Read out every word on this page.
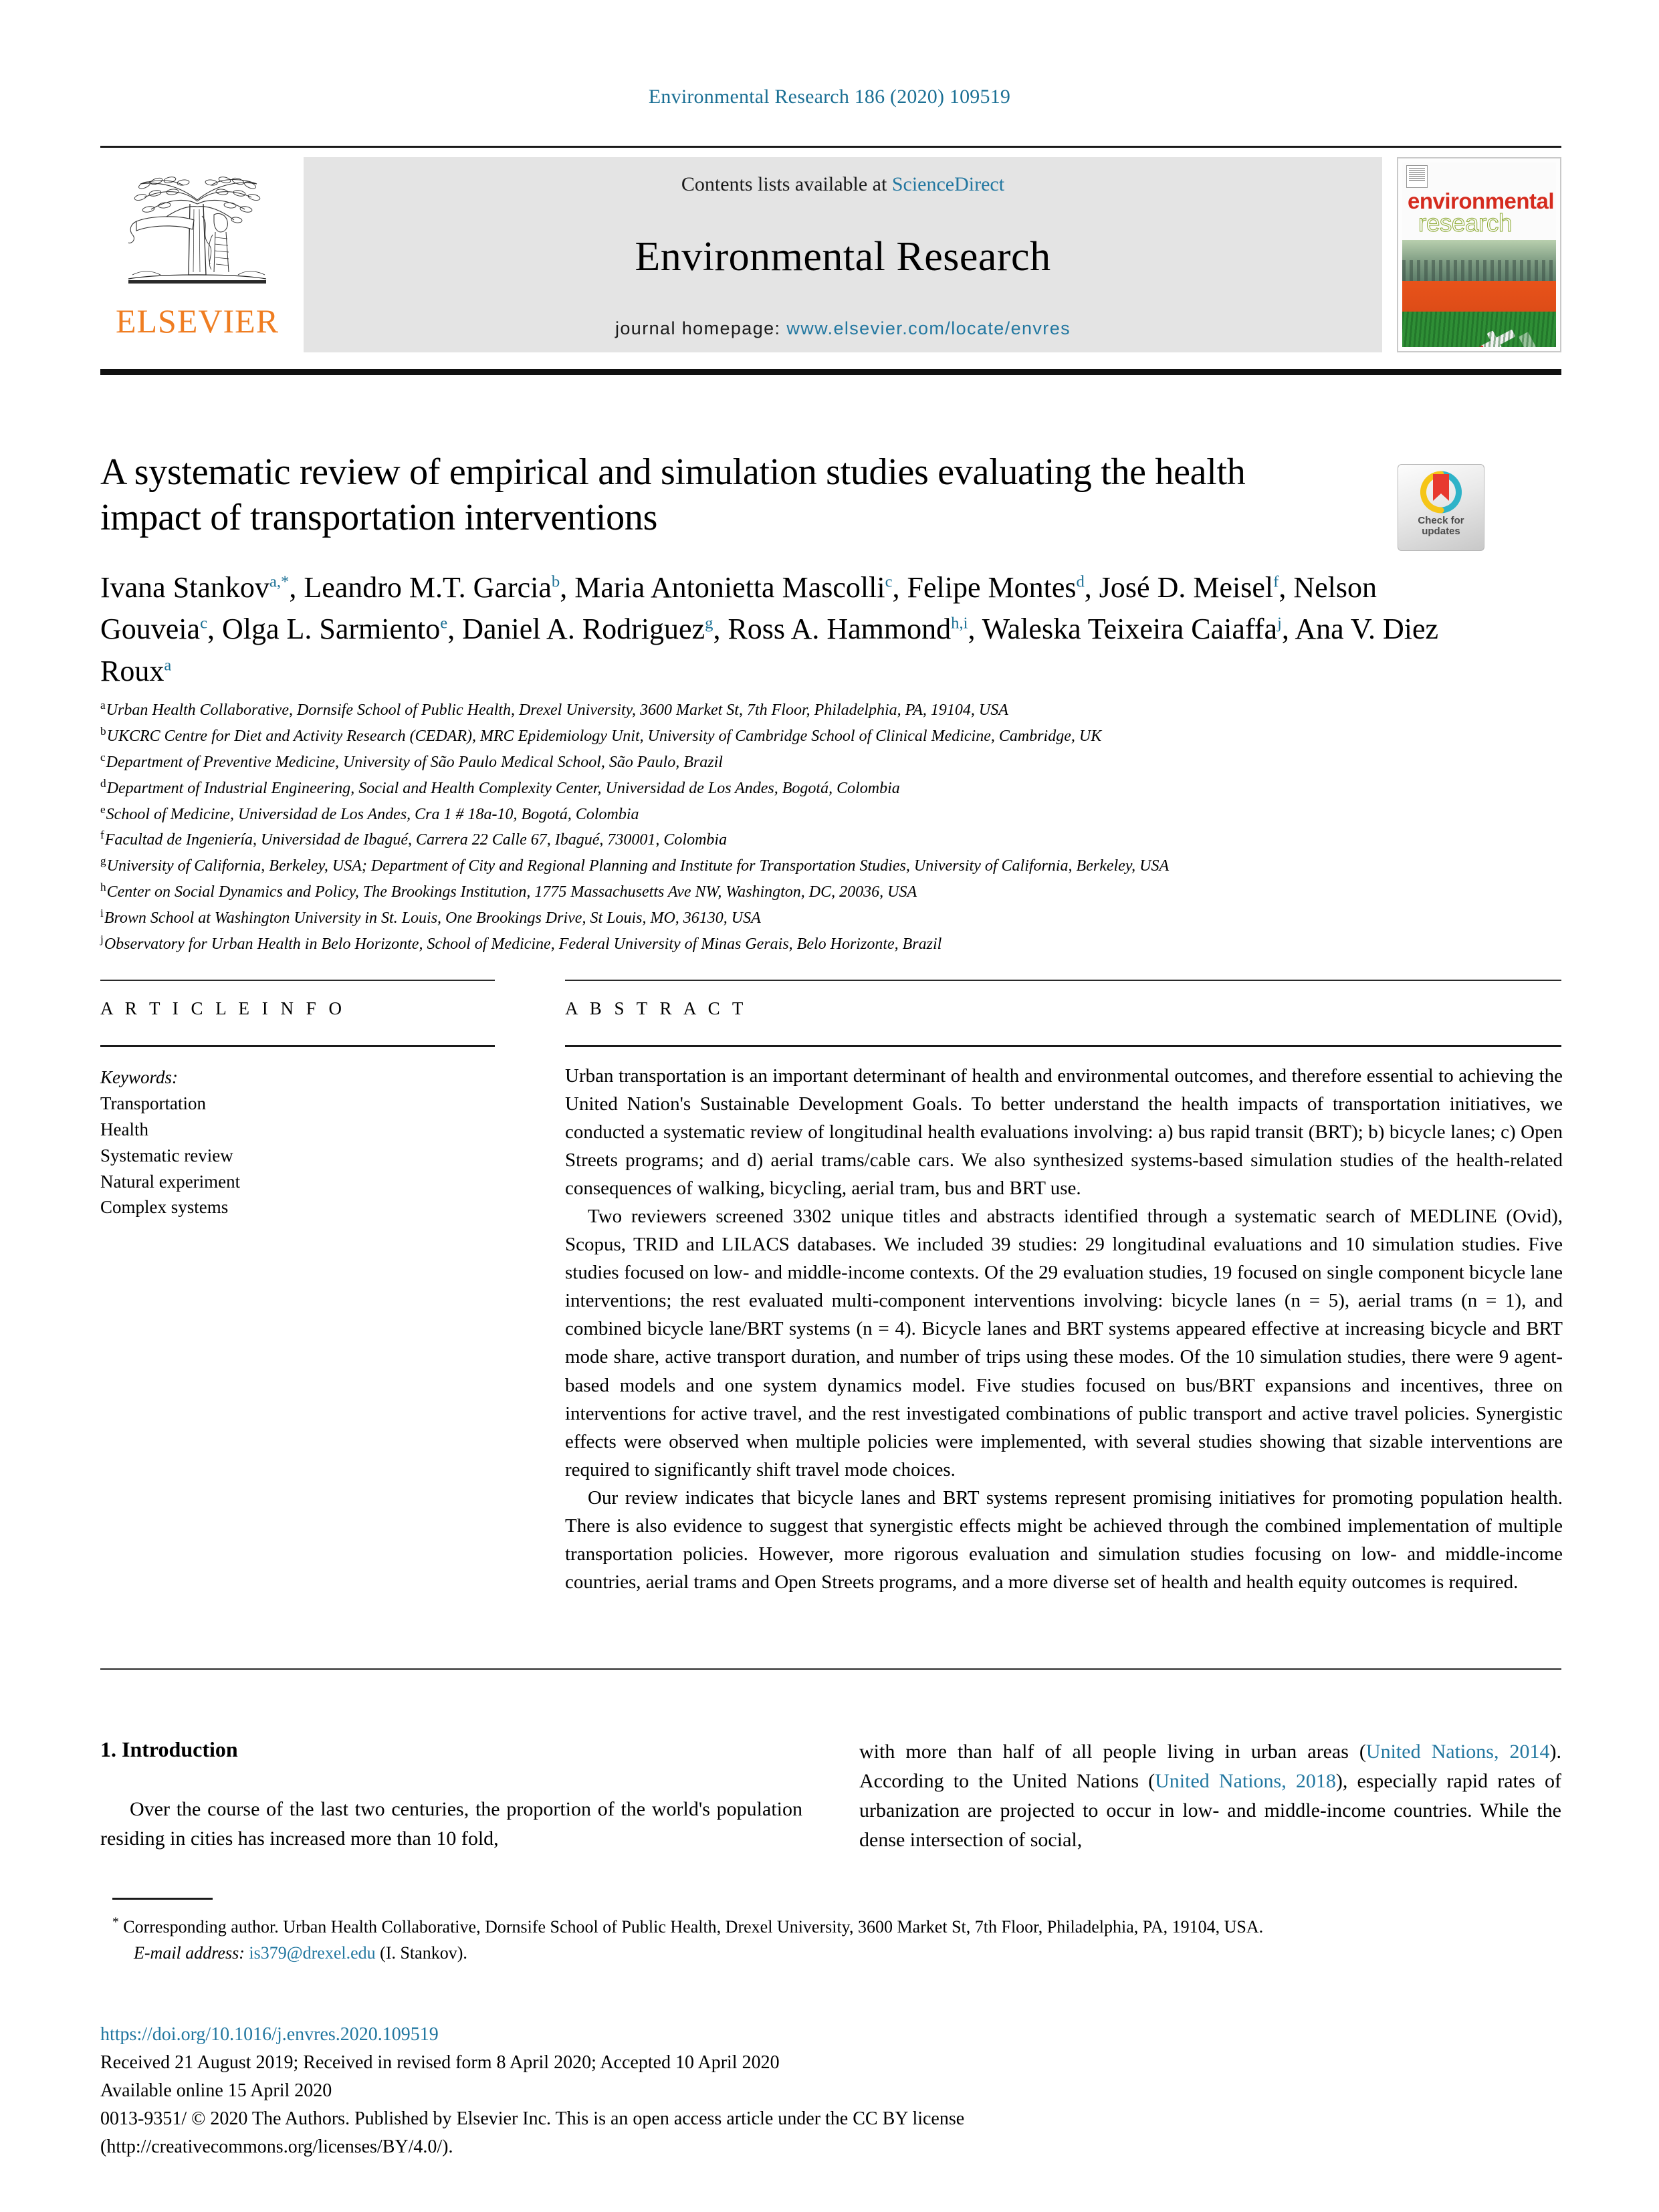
Environmental Research 186 (2020) 109519
ELSEVIER
Contents lists available at ScienceDirect
Environmental Research
journal homepage: www.elsevier.com/locate/envres
environmental
research
A systematic review of empirical and simulation studies evaluating the health impact of transportation interventions	Check for
updates
Ivana Stankov$^{a,*}$, Leandro M.T. Garcia$^b$, Maria Antonietta Mascolli$^c$, Felipe Montes$^d$, José D. Meisel$^f$, Nelson Gouveia$^c$, Olga L. Sarmiento$^e$, Daniel A. Rodriguez$^g$, Ross A. Hammond$^{h,i}$, Waleska Teixeira Caiaffa$^j$, Ana V. Diez Roux$^a$
$^a$Urban Health Collaborative, Dornsife School of Public Health, Drexel University, 3600 Market St, 7th Floor, Philadelphia, PA, 19104, USA
$^b$UKCRC Centre for Diet and Activity Research (CEDAR), MRC Epidemiology Unit, University of Cambridge School of Clinical Medicine, Cambridge, UK
$^c$Department of Preventive Medicine, University of São Paulo Medical School, São Paulo, Brazil
$^d$Department of Industrial Engineering, Social and Health Complexity Center, Universidad de Los Andes, Bogotá, Colombia
$^e$School of Medicine, Universidad de Los Andes, Cra 1 # 18a-10, Bogotá, Colombia
$^f$Facultad de Ingeniería, Universidad de Ibagué, Carrera 22 Calle 67, Ibagué, 730001, Colombia
$^g$University of California, Berkeley, USA; Department of City and Regional Planning and Institute for Transportation Studies, University of California, Berkeley, USA
$^h$Center on Social Dynamics and Policy, The Brookings Institution, 1775 Massachusetts Ave NW, Washington, DC, 20036, USA
$^i$Brown School at Washington University in St. Louis, One Brookings Drive, St Louis, MO, 36130, USA
$^j$Observatory for Urban Health in Belo Horizonte, School of Medicine, Federal University of Minas Gerais, Belo Horizonte, Brazil
A R T I C L E I N F O
Keywords:
Transportation
Health
Systematic review
Natural experiment
Complex systems
A B S T R A C T

Urban transportation is an important determinant of health and environmental outcomes, and therefore essential to achieving the United Nation's Sustainable Development Goals. To better understand the health impacts of transportation initiatives, we conducted a systematic review of longitudinal health evaluations involving: a) bus rapid transit (BRT); b) bicycle lanes; c) Open Streets programs; and d) aerial trams/cable cars. We also synthesized systems-based simulation studies of the health-related consequences of walking, bicycling, aerial tram, bus and BRT use.

Two reviewers screened 3302 unique titles and abstracts identified through a systematic search of MEDLINE (Ovid), Scopus, TRID and LILACS databases. We included 39 studies: 29 longitudinal evaluations and 10 simulation studies. Five studies focused on low- and middle-income contexts. Of the 29 evaluation studies, 19 focused on single component bicycle lane interventions; the rest evaluated multi-component interventions involving: bicycle lanes (n = 5), aerial trams (n = 1), and combined bicycle lane/BRT systems (n = 4). Bicycle lanes and BRT systems appeared effective at increasing bicycle and BRT mode share, active transport duration, and number of trips using these modes. Of the 10 simulation studies, there were 9 agent-based models and one system dynamics model. Five studies focused on bus/BRT expansions and incentives, three on interventions for active travel, and the rest investigated combinations of public transport and active travel policies. Synergistic effects were observed when multiple policies were implemented, with several studies showing that sizable interventions are required to significantly shift travel mode choices.

Our review indicates that bicycle lanes and BRT systems represent promising initiatives for promoting population health. There is also evidence to suggest that synergistic effects might be achieved through the combined implementation of multiple transportation policies. However, more rigorous evaluation and simulation studies focusing on low- and middle-income countries, aerial trams and Open Streets programs, and a more diverse set of health and health equity outcomes is required.

1. Introduction

Over the course of the last two centuries, the proportion of the world's population residing in cities has increased more than 10 fold,

with more than half of all people living in urban areas (United Nations, 2014). According to the United Nations (United Nations, 2018), especially rapid rates of urbanization are projected to occur in low- and middle-income countries. While the dense intersection of social,

* Corresponding author. Urban Health Collaborative, Dornsife School of Public Health, Drexel University, 3600 Market St, 7th Floor, Philadelphia, PA, 19104, USA.
E-mail address: is379@drexel.edu (I. Stankov).
https://doi.org/10.1016/j.envres.2020.109519
Received 21 August 2019; Received in revised form 8 April 2020; Accepted 10 April 2020
Available online 15 April 2020
0013-9351/ © 2020 The Authors. Published by Elsevier Inc. This is an open access article under the CC BY license
(http://creativecommons.org/licenses/BY/4.0/).
